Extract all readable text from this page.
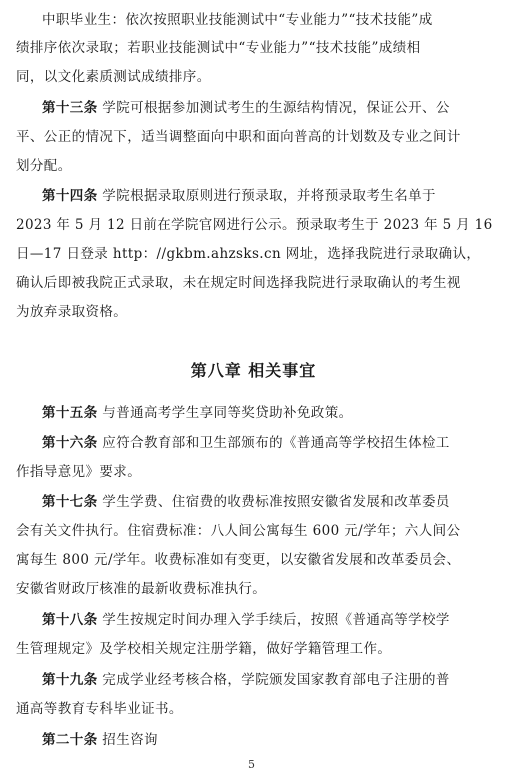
中职毕业生：依次按照职业技能测试中“专业能力”“技术技能”成
绩排序依次录取；若职业技能测试中“专业能力”“技术技能”成绩相
同，以文化素质测试成绩排序。
第十三条 学院可根据参加测试考生的生源结构情况，保证公开、公
平、公正的情况下，适当调整面向中职和面向普高的计划数及专业之间计
划分配。
第十四条 学院根据录取原则进行预录取，并将预录取考生名单于
2023 年 5 月 12 日前在学院官网进行公示。预录取考生于 2023 年 5 月 16
日—17 日登录 http：//gkbm.ahzsks.cn 网址，选择我院进行录取确认，
确认后即被我院正式录取，未在规定时间选择我院进行录取确认的考生视
为放弃录取资格。
第八章 相关事宜
第十五条 与普通高考学生享同等奖贷助补免政策。
第十六条 应符合教育部和卫生部颁布的《普通高等学校招生体检工
作指导意见》要求。
第十七条 学生学费、住宿费的收费标准按照安徽省发展和改革委员
会有关文件执行。住宿费标准：八人间公寓每生 600 元/学年；六人间公
寓每生 800 元/学年。收费标准如有变更，以安徽省发展和改革委员会、
安徽省财政厅核准的最新收费标准执行。
第十八条 学生按规定时间办理入学手续后，按照《普通高等学校学
生管理规定》及学校相关规定注册学籍，做好学籍管理工作。
第十九条 完成学业经考核合格，学院颁发国家教育部电子注册的普
通高等教育专科毕业证书。
第二十条 招生咨询
5
